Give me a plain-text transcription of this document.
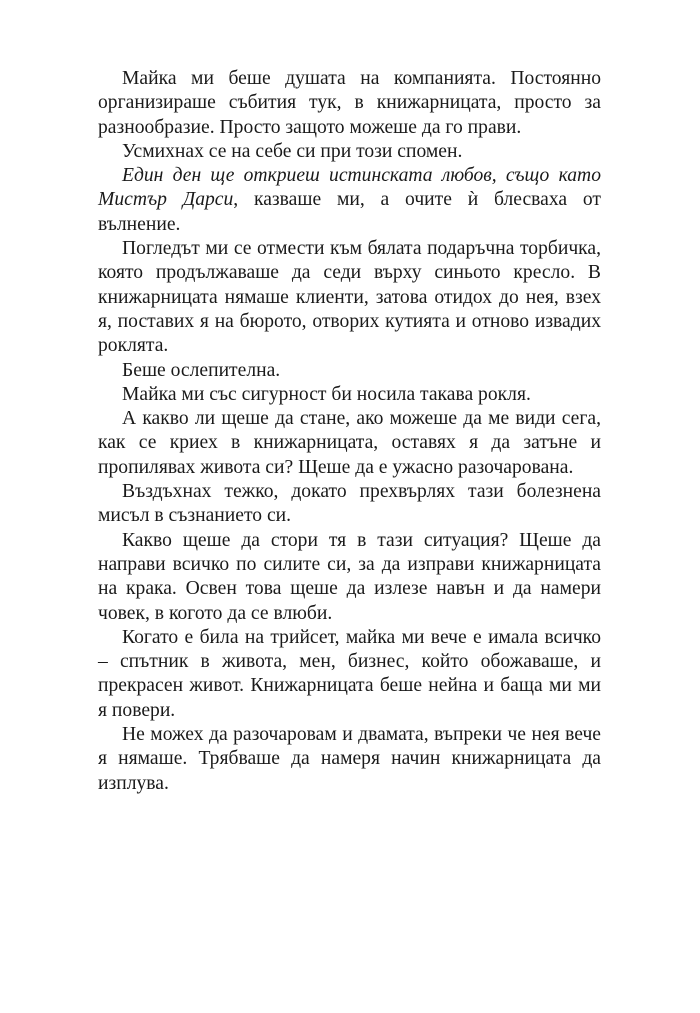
Майка ми беше душата на компанията. Постоянно организираше събития тук, в книжарницата, просто за разнообразие. Просто защото можеше да го прави.

Усмихнах се на себе си при този спомен.

Един ден ще откриеш истинската любов, също като Мистър Дарси, казваше ми, а очите ѝ блесваха от вълнение.

Погледът ми се отмести към бялата подаръчна торбичка, която продължаваше да седи върху синьото кресло. В книжарницата нямаше клиенти, затова отидох до нея, взех я, поставих я на бюрото, отворих кутията и отново извадих роклята.

Беше ослепителна.

Майка ми със сигурност би носила такава рокля.

А какво ли щеше да стане, ако можеше да ме види сега, как се криех в книжарницата, оставях я да затъне и пропилявах живота си? Щеше да е ужасно разочарована.

Въздъхнах тежко, докато прехвърлях тази болезнена мисъл в съзнанието си.

Какво щеше да стори тя в тази ситуация? Щеше да направи всичко по силите си, за да изправи книжарницата на крака. Освен това щеше да излезе навън и да намери човек, в когото да се влюби.

Когато е била на трийсет, майка ми вече е имала всичко – спътник в живота, мен, бизнес, който обожаваше, и прекрасен живот. Книжарницата беше нейна и баща ми ми я повери.

Не можех да разочаровам и двамата, въпреки че нея вече я нямаше. Трябваше да намеря начин книжарницата да изплува.
